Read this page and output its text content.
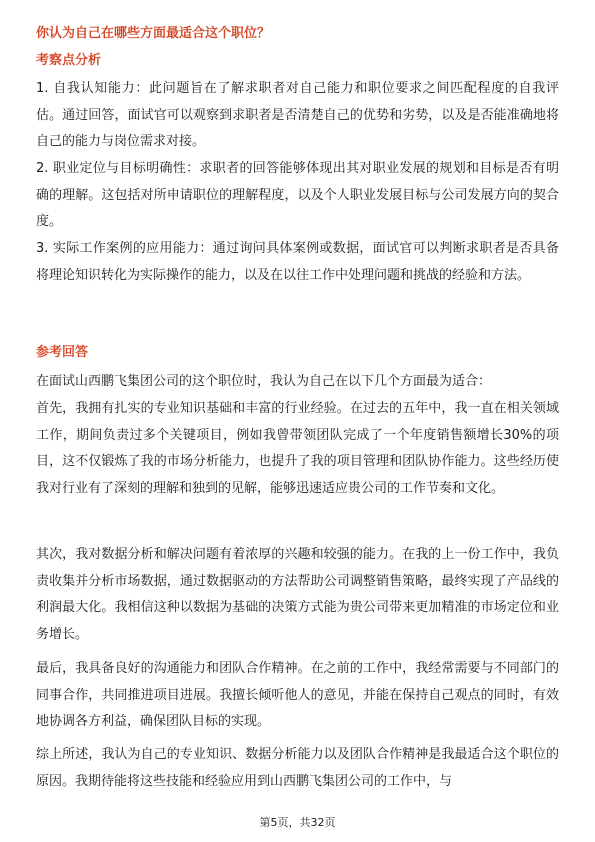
你认为自己在哪些方面最适合这个职位？
考察点分析
1. 自我认知能力：此问题旨在了解求职者对自己能力和职位要求之间匹配程度的自我评估。通过回答，面试官可以观察到求职者是否清楚自己的优势和劣势，以及是否能准确地将自己的能力与岗位需求对接。
2. 职业定位与目标明确性：求职者的回答能够体现出其对职业发展的规划和目标是否有明确的理解。这包括对所申请职位的理解程度，以及个人职业发展目标与公司发展方向的契合度。
3. 实际工作案例的应用能力：通过询问具体案例或数据，面试官可以判断求职者是否具备将理论知识转化为实际操作的能力，以及在以往工作中处理问题和挑战的经验和方法。
参考回答
在面试山西鹏飞集团公司的这个职位时，我认为自己在以下几个方面最为适合：
首先，我拥有扎实的专业知识基础和丰富的行业经验。在过去的五年中，我一直在相关领域工作，期间负责过多个关键项目，例如我曾带领团队完成了一个年度销售额增长30%的项目，这不仅锻炼了我的市场分析能力，也提升了我的项目管理和团队协作能力。这些经历使我对行业有了深刻的理解和独到的见解，能够迅速适应贵公司的工作节奏和文化。
其次，我对数据分析和解决问题有着浓厚的兴趣和较强的能力。在我的上一份工作中，我负责收集并分析市场数据，通过数据驱动的方法帮助公司调整销售策略，最终实现了产品线的利润最大化。我相信这种以数据为基础的决策方式能为贵公司带来更加精准的市场定位和业务增长。
最后，我具备良好的沟通能力和团队合作精神。在之前的工作中，我经常需要与不同部门的同事合作，共同推进项目进展。我擅长倾听他人的意见，并能在保持自己观点的同时，有效地协调各方利益，确保团队目标的实现。
综上所述，我认为自己的专业知识、数据分析能力以及团队合作精神是我最适合这个职位的原因。我期待能将这些技能和经验应用到山西鹏飞集团公司的工作中，与
第5页，共32页
